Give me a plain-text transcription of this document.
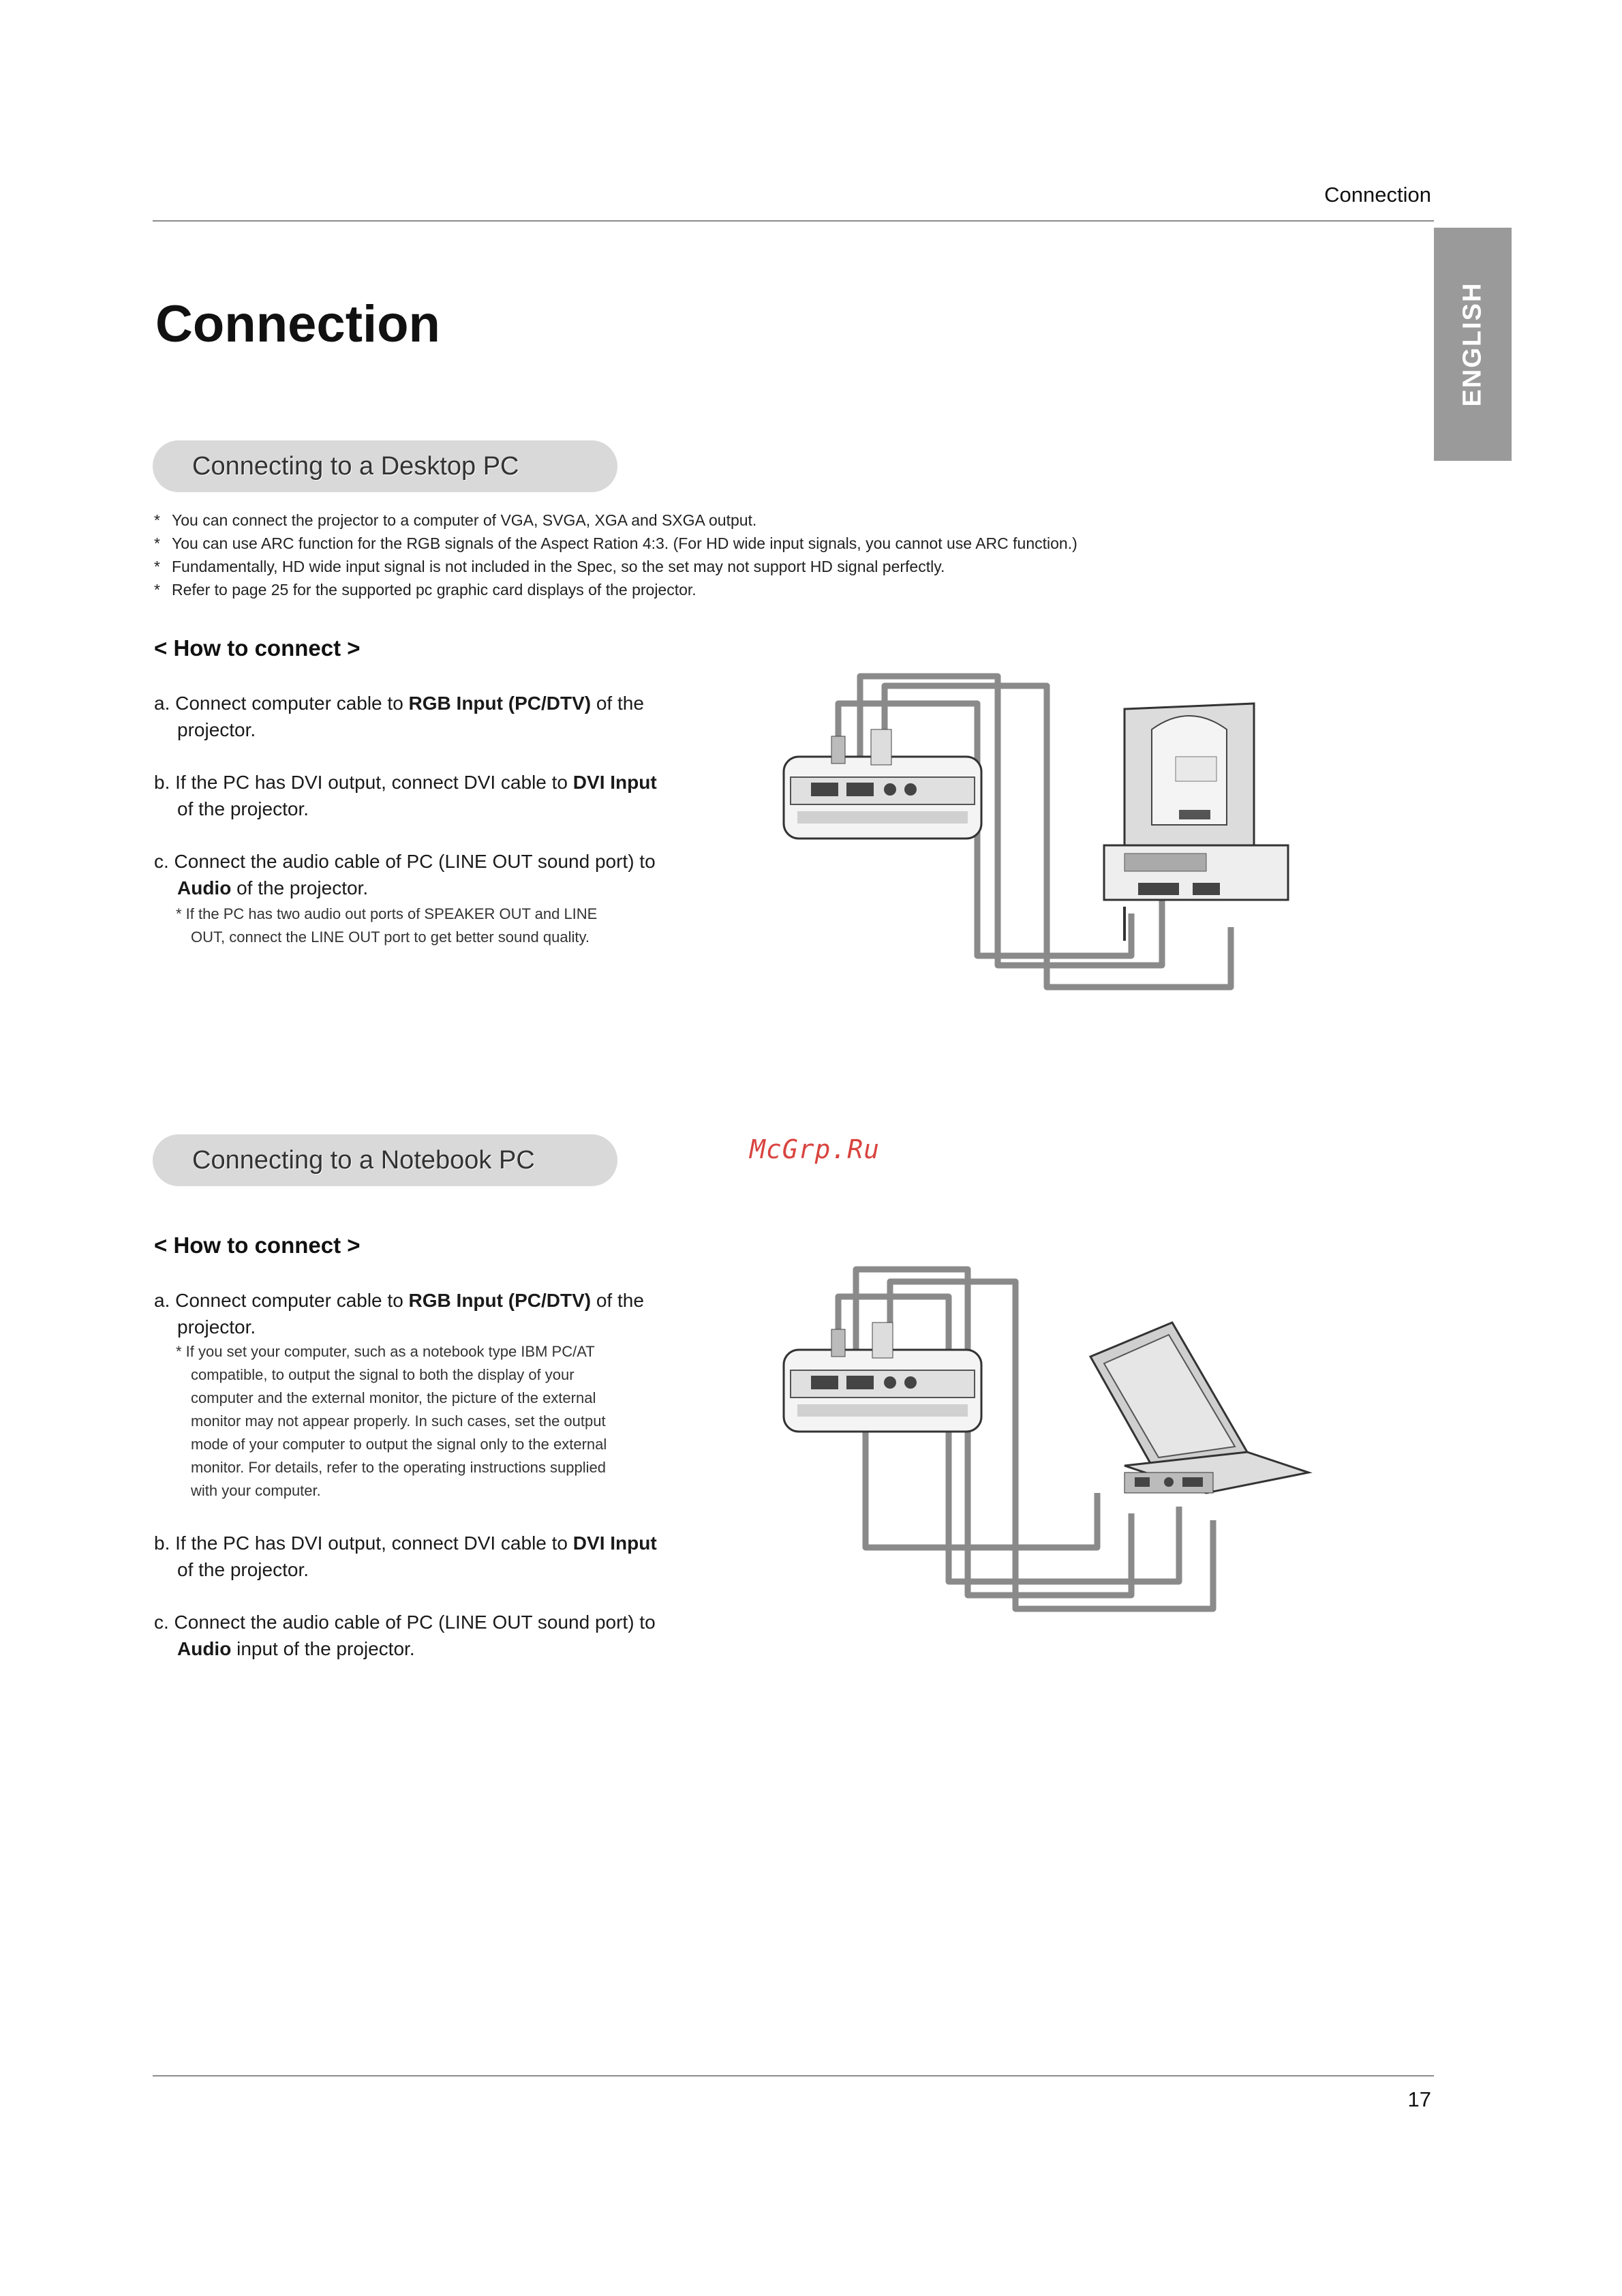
Connection
ENGLISH
Connection
Connecting to a Desktop PC
* You can connect the projector to a computer of VGA, SVGA, XGA and SXGA output.
* You can use ARC function for the RGB signals of the Aspect Ration 4:3. (For HD wide input signals, you cannot use ARC function.)
* Fundamentally, HD wide input signal is not included in the Spec, so the set may not support HD signal perfectly.
* Refer to page 25 for the supported pc graphic card displays of the projector.
< How to connect >
a. Connect computer cable to RGB Input (PC/DTV) of the
projector.
b. If the PC has DVI output, connect DVI cable to DVI Input
of the projector.
c. Connect the audio cable of PC (LINE OUT sound port) to
Audio of the projector.
* If the PC has two audio out ports of SPEAKER OUT and LINE
OUT, connect the LINE OUT port to get better sound quality.
McGrp.Ru
Connecting to a Notebook PC
< How to connect >
a. Connect computer cable to RGB Input (PC/DTV) of the
projector.
* If you set your computer, such as a notebook type IBM PC/AT
compatible, to output the signal to both the display of your
computer and the external monitor, the picture of the external
monitor may not appear properly. In such cases, set the output
mode of your computer to output the signal only to the external
monitor. For details, refer to the operating instructions supplied
with your computer.
b. If the PC has DVI output, connect DVI cable to DVI Input
of the projector.
c. Connect the audio cable of PC (LINE OUT sound port) to
Audio input of the projector.
17
